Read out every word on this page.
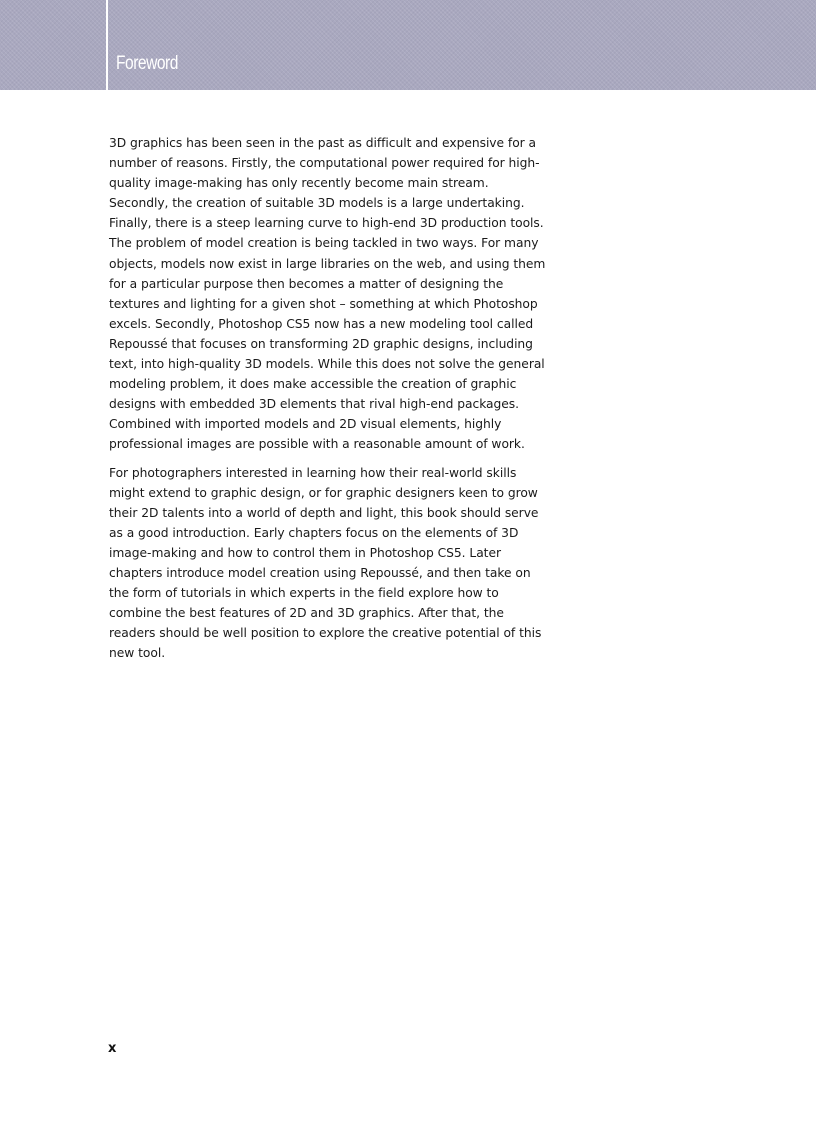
Foreword

3D graphics has been seen in the past as difficult and expensive for a number of reasons. Firstly, the computational power required for high-quality image-making has only recently become main stream. Secondly, the creation of suitable 3D models is a large undertaking. Finally, there is a steep learning curve to high-end 3D production tools. The problem of model creation is being tackled in two ways. For many objects, models now exist in large libraries on the web, and using them for a particular purpose then becomes a matter of designing the textures and lighting for a given shot – something at which Photoshop excels. Secondly, Photoshop CS5 now has a new modeling tool called Repoussé that focuses on transforming 2D graphic designs, including text, into high-quality 3D models. While this does not solve the general modeling problem, it does make accessible the creation of graphic designs with embedded 3D elements that rival high-end packages. Combined with imported models and 2D visual elements, highly professional images are possible with a reasonable amount of work.

For photographers interested in learning how their real-world skills might extend to graphic design, or for graphic designers keen to grow their 2D talents into a world of depth and light, this book should serve as a good introduction. Early chapters focus on the elements of 3D image-making and how to control them in Photoshop CS5. Later chapters introduce model creation using Repoussé, and then take on the form of tutorials in which experts in the field explore how to combine the best features of 2D and 3D graphics. After that, the readers should be well position to explore the creative potential of this new tool.

x
